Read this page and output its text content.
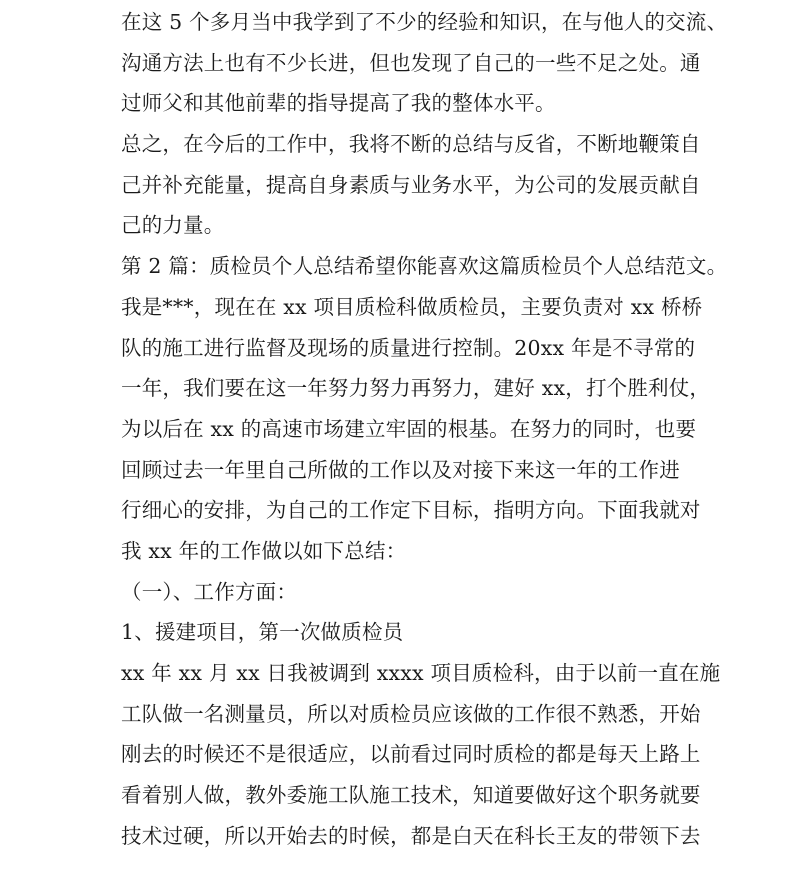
在这 5 个多月当中我学到了不少的经验和知识，在与他人的交流、
沟通方法上也有不少长进，但也发现了自己的一些不足之处。通
过师父和其他前辈的指导提高了我的整体水平。
总之，在今后的工作中，我将不断的总结与反省，不断地鞭策自
己并补充能量，提高自身素质与业务水平，为公司的发展贡献自
己的力量。
第 2 篇：质检员个人总结希望你能喜欢这篇质检员个人总结范文。
我是***，现在在 xx 项目质检科做质检员，主要负责对 xx 桥桥
队的施工进行监督及现场的质量进行控制。20xx 年是不寻常的
一年，我们要在这一年努力努力再努力，建好 xx，打个胜利仗，
为以后在 xx 的高速市场建立牢固的根基。在努力的同时，也要
回顾过去一年里自己所做的工作以及对接下来这一年的工作进
行细心的安排，为自己的工作定下目标，指明方向。下面我就对
我 xx 年的工作做以如下总结：
（一）、工作方面：
1、援建项目，第一次做质检员
xx 年 xx 月 xx 日我被调到 xxxx 项目质检科，由于以前一直在施
工队做一名测量员，所以对质检员应该做的工作很不熟悉，开始
刚去的时候还不是很适应，以前看过同时质检的都是每天上路上
看着别人做，教外委施工队施工技术，知道要做好这个职务就要
技术过硬，所以开始去的时候，都是白天在科长王友的带领下去
